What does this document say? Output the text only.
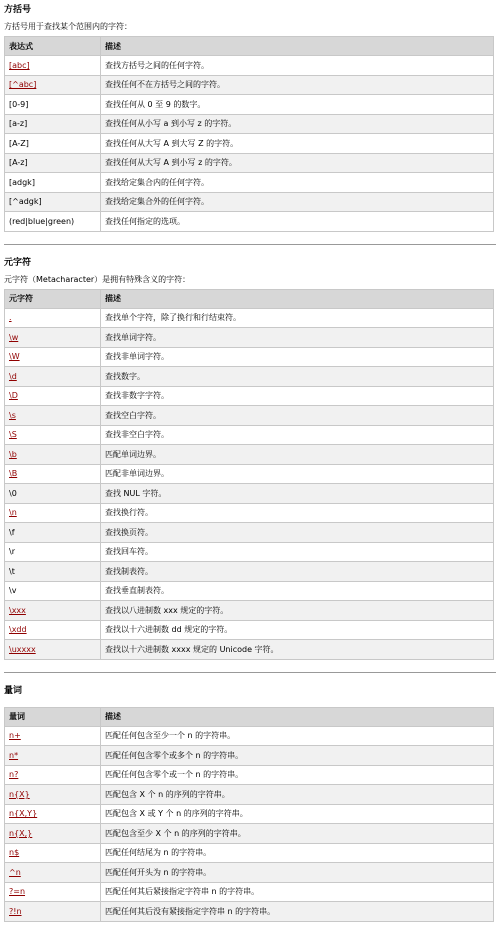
方括号

方括号用于查找某个范围内的字符：

表达式	描述
[abc]	查找方括号之间的任何字符。
[^abc]	查找任何不在方括号之间的字符。
[0-9]	查找任何从 0 至 9 的数字。
[a-z]	查找任何从小写 a 到小写 z 的字符。
[A-Z]	查找任何从大写 A 到大写 Z 的字符。
[A-z]	查找任何从大写 A 到小写 z 的字符。
[adgk]	查找给定集合内的任何字符。
[^adgk]	查找给定集合外的任何字符。
(red|blue|green)	查找任何指定的选项。
元字符

元字符（Metacharacter）是拥有特殊含义的字符：

元字符	描述
.	查找单个字符，除了换行和行结束符。
\w	查找单词字符。
\W	查找非单词字符。
\d	查找数字。
\D	查找非数字字符。
\s	查找空白字符。
\S	查找非空白字符。
\b	匹配单词边界。
\B	匹配非单词边界。
\0	查找 NUL 字符。
\n	查找换行符。
\f	查找换页符。
\r	查找回车符。
\t	查找制表符。
\v	查找垂直制表符。
\xxx	查找以八进制数 xxx 规定的字符。
\xdd	查找以十六进制数 dd 规定的字符。
\uxxxx	查找以十六进制数 xxxx 规定的 Unicode 字符。
量词
量词	描述
n+	匹配任何包含至少一个 n 的字符串。
n*	匹配任何包含零个或多个 n 的字符串。
n?	匹配任何包含零个或一个 n 的字符串。
n{X}	匹配包含 X 个 n 的序列的字符串。
n{X,Y}	匹配包含 X 或 Y 个 n 的序列的字符串。
n{X,}	匹配包含至少 X 个 n 的序列的字符串。
n$	匹配任何结尾为 n 的字符串。
^n	匹配任何开头为 n 的字符串。
?=n	匹配任何其后紧接指定字符串 n 的字符串。
?!n	匹配任何其后没有紧接指定字符串 n 的字符串。
